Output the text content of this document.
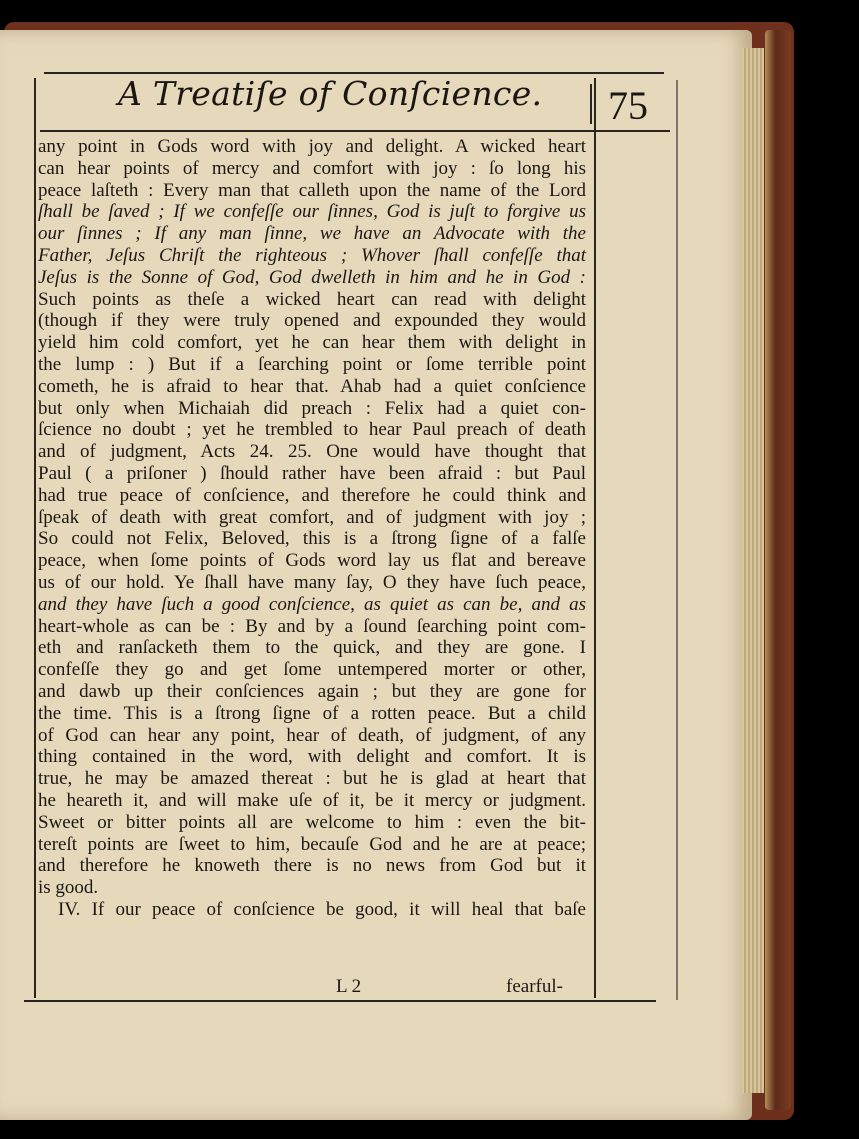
A Treatiſe of Conſcience. 75
any point in Gods word with joy and delight. A wicked heart
can hear points of mercy and comfort with joy : ſo long his
peace laſteth : Every man that calleth upon the name of the Lord
ſhall be ſaved ; If we confeſſe our ſinnes, God is juſt to forgive us
our ſinnes ; If any man ſinne, we have an Advocate with the
Father, Jeſus Chriſt the righteous ; Whover ſhall confeſſe that
Jeſus is the Sonne of God, God dwelleth in him and he in God :
Such points as theſe a wicked heart can read with delight
(though if they were truly opened and expounded they would
yield him cold comfort, yet he can hear them with delight in
the lump : ) But if a ſearching point or ſome terrible point
cometh, he is afraid to hear that. Ahab had a quiet conſcience
but only when Michaiah did preach : Felix had a quiet con-
ſcience no doubt ; yet he trembled to hear Paul preach of death
and of judgment, Acts 24. 25. One would have thought that
Paul ( a priſoner ) ſhould rather have been afraid : but Paul
had true peace of conſcience, and therefore he could think and
ſpeak of death with great comfort, and of judgment with joy ;
So could not Felix, Beloved, this is a ſtrong ſigne of a falſe
peace, when ſome points of Gods word lay us flat and bereave
us of our hold. Ye ſhall have many ſay, O they have ſuch peace,
and they have ſuch a good conſcience, as quiet as can be, and as
heart-whole as can be : By and by a ſound ſearching point com-
eth and ranſacketh them to the quick, and they are gone. I
confeſſe they go and get ſome untempered morter or other,
and dawb up their conſciences again ; but they are gone for
the time. This is a ſtrong ſigne of a rotten peace. But a child
of God can hear any point, hear of death, of judgment, of any
thing contained in the word, with delight and comfort. It is
true, he may be amazed thereat : but he is glad at heart that
he heareth it, and will make uſe of it, be it mercy or judgment.
Sweet or bitter points all are welcome to him : even the bit-
tereſt points are ſweet to him, becauſe God and he are at peace;
and therefore he knoweth there is no news from God but it
is good.
IV. If our peace of conſcience be good, it will heal that baſe
L 2	fearful-
